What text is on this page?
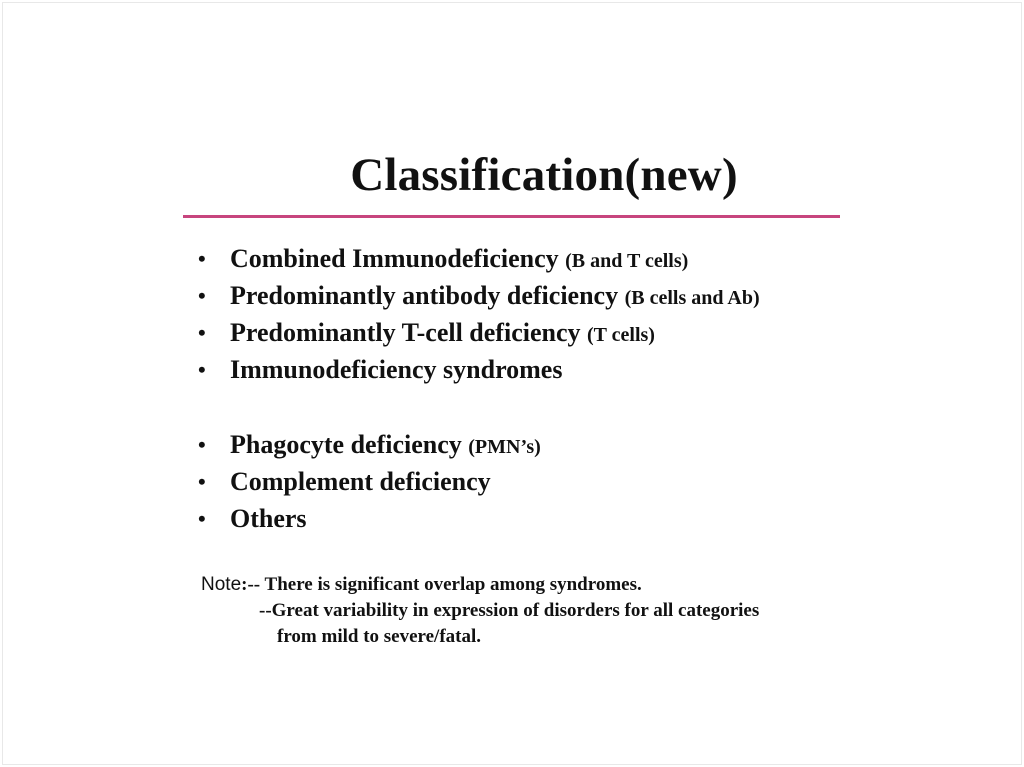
Classification(new)
• Combined Immunodeficiency (B and T cells)
• Predominantly antibody deficiency (B cells and Ab)
• Predominantly T-cell deficiency (T cells)
• Immunodeficiency syndromes
• Phagocyte deficiency (PMN’s)
• Complement deficiency
• Others
Note:-- There is significant overlap among syndromes.
--Great variability in expression of disorders for all categories
from mild to severe/fatal.
